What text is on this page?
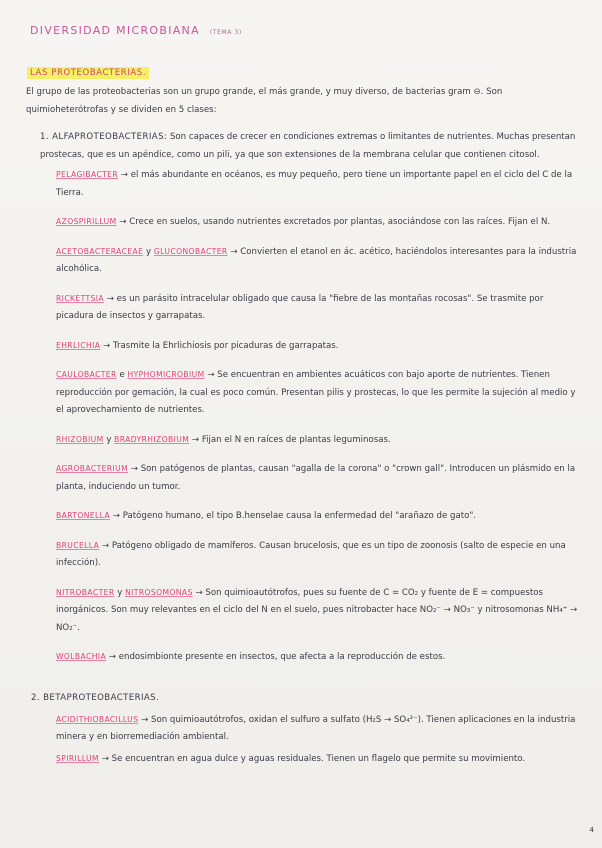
DIVERSIDAD MICROBIANA (TEMA 3)
LAS PROTEOBACTERIAS.

El grupo de las proteobacterias son un grupo grande, el más grande, y muy diverso, de bacterias gram ⊖. Son quimioheterótrofas y se dividen en 5 clases:

1. ALFAPROTEOBACTERIAS: Son capaces de crecer en condiciones extremas o limitantes de nutrientes. Muchas presentan prostecas, que es un apéndice, como un pili, ya que son extensiones de la membrana celular que contienen citosol.

PELAGIBACTER → el más abundante en océanos, es muy pequeño, pero tiene un importante papel en el ciclo del C de la Tierra.

AZOSPIRILLUM → Crece en suelos, usando nutrientes excretados por plantas, asociándose con las raíces. Fijan el N.

ACETOBACTERACEAE y GLUCONOBACTER → Convierten el etanol en ác. acético, haciéndolos interesantes para la industria alcohólica.

RICKETTSIA → es un parásito intracelular obligado que causa la "fiebre de las montañas rocosas". Se trasmite por picadura de insectos y garrapatas.

EHRLICHIA → Trasmite la Ehrlichiosis por picaduras de garrapatas.

CAULOBACTER e HYPHOMICROBIUM → Se encuentran en ambientes acuáticos con bajo aporte de nutrientes. Tienen reproducción por gemación, la cual es poco común. Presentan pilis y prostecas, lo que les permite la sujeción al medio y el aprovechamiento de nutrientes.

RHIZOBIUM y BRADYRHIZOBIUM → Fijan el N en raíces de plantas leguminosas.

AGROBACTERIUM → Son patógenos de plantas, causan "agalla de la corona" o "crown gall". Introducen un plásmido en la planta, induciendo un tumor.

BARTONELLA → Patógeno humano, el tipo B.henselae causa la enfermedad del "arañazo de gato".

BRUCELLA → Patógeno obligado de mamíferos. Causan brucelosis, que es un tipo de zoonosis (salto de especie en una infección).

NITROBACTER y NITROSOMONAS → Son quimioautótrofos, pues su fuente de C = CO₂ y fuente de E = compuestos inorgánicos. Son muy relevantes en el ciclo del N en el suelo, pues nitrobacter hace NO₂⁻ → NO₃⁻ y nitrosomonas NH₄⁺ → NO₂⁻.

WOLBACHIA → endosimbionte presente en insectos, que afecta a la reproducción de estos.

2. BETAPROTEOBACTERIAS.

ACIDITHIOBACILLUS → Son quimioautótrofos, oxidan el sulfuro a sulfato (H₂S → SO₄²⁻). Tienen aplicaciones en la industria minera y en biorremediación ambiental.

SPIRILLUM → Se encuentran en agua dulce y aguas residuales. Tienen un flagelo que permite su movimiento.

4
